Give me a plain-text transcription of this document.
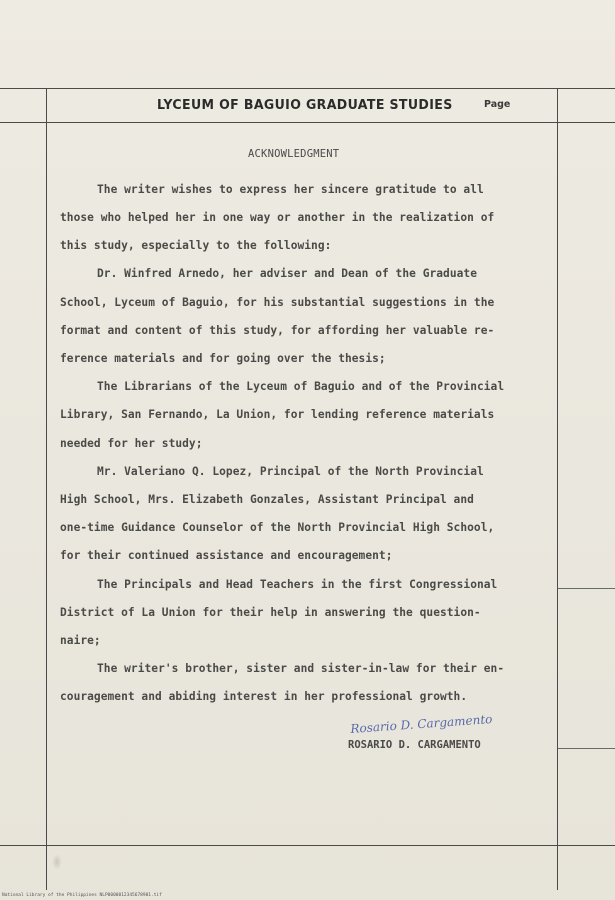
LYCEUM OF BAGUIO GRADUATE STUDIES	Page
ACKNOWLEDGMENT
The writer wishes to express her sincere gratitude to all
those who helped her in one way or another in the realization of
this study, especially to the following:
Dr. Winfred Arnedo, her adviser and Dean of the Graduate
School, Lyceum of Baguio, for his substantial suggestions in the
format and content of this study, for affording her valuable re-
ference materials and for going over the thesis;
The Librarians of the Lyceum of Baguio and of the Provincial
Library, San Fernando, La Union, for lending reference materials
needed for her study;
Mr. Valeriano Q. Lopez, Principal of the North Provincial
High School, Mrs. Elizabeth Gonzales, Assistant Principal and
one-time Guidance Counselor of the North Provincial High School,
for their continued assistance and encouragement;
The Principals and Head Teachers in the first Congressional
District of La Union for their help in answering the question-
naire;
The writer's brother, sister and sister-in-law for their en-
couragement and abiding interest in her professional growth.
Rosario D. Cargamento
ROSARIO D. CARGAMENTO
National Library of the Philippines NLP0000012345678901.tif
